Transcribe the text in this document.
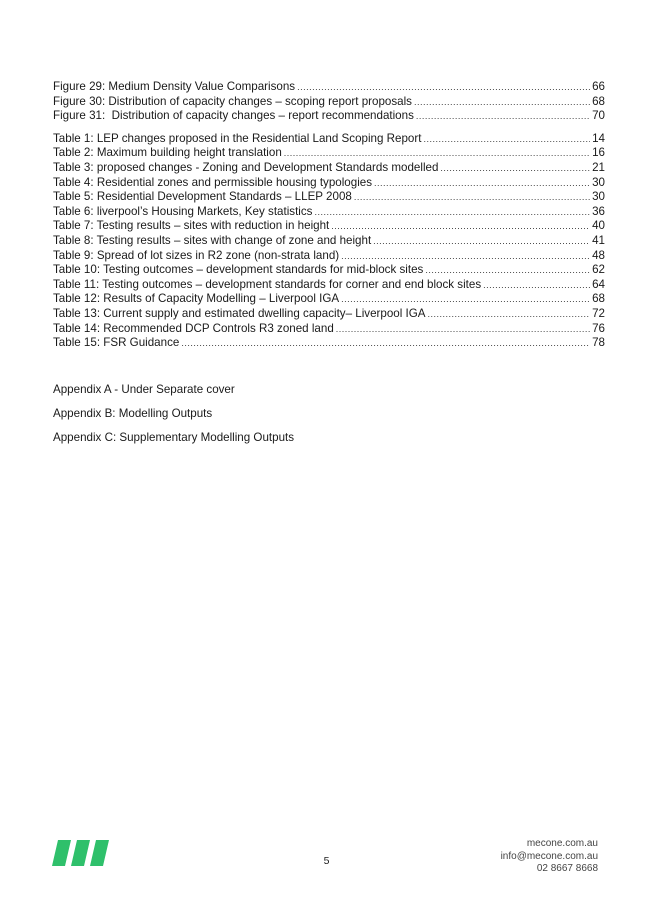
Figure 29: Medium Density Value Comparisons .....	66
Figure 30: Distribution of capacity changes – scoping report proposals .....	68
Figure 31:  Distribution of capacity changes – report recommendations .....	70
Table 1: LEP changes proposed in the Residential Land Scoping Report .....	14
Table 2: Maximum building height translation .....	16
Table 3: proposed changes - Zoning and Development Standards modelled .....	21
Table 4: Residential zones and permissible housing typologies .....	30
Table 5: Residential Development Standards – LLEP 2008 .....	30
Table 6: liverpool’s Housing Markets, Key statistics .....	36
Table 7: Testing results – sites with reduction in height .....	40
Table 8: Testing results – sites with change of zone and height .....	41
Table 9: Spread of lot sizes in R2 zone (non-strata land) .....	48
Table 10: Testing outcomes – development standards for mid-block sites .....	62
Table 11: Testing outcomes – development standards for corner and end block sites .....	64
Table 12: Results of Capacity Modelling – Liverpool IGA .....	68
Table 13: Current supply and estimated dwelling capacity– Liverpool IGA .....	72
Table 14: Recommended DCP Controls R3 zoned land .....	76
Table 15: FSR Guidance .....	78
Appendix A - Under Separate cover
Appendix B: Modelling Outputs
Appendix C: Supplementary Modelling Outputs
5
mecone.com.au
info@mecone.com.au
02 8667 8668
